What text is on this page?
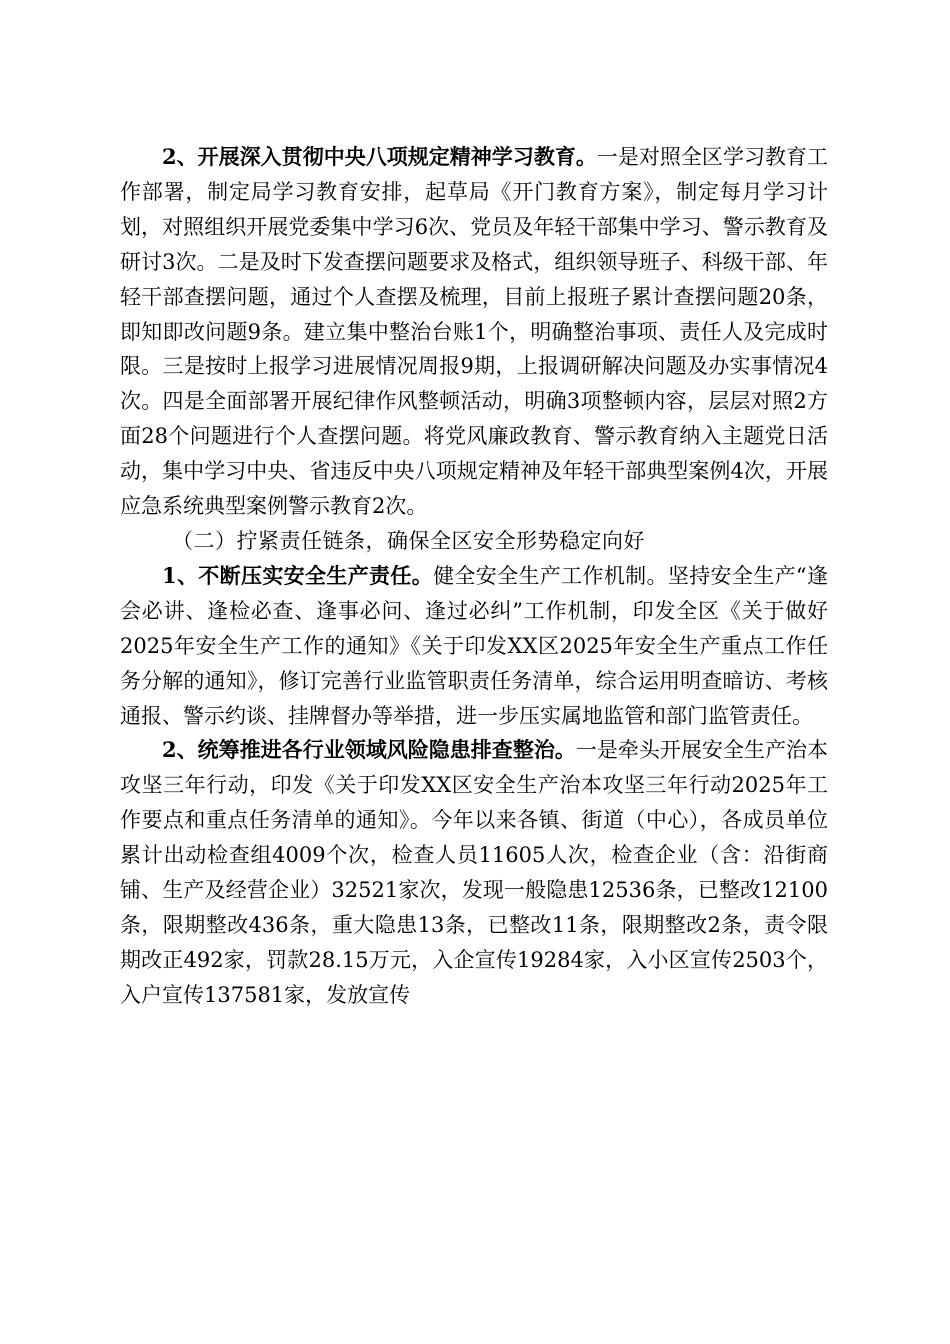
2、开展深入贯彻中央八项规定精神学习教育。一是对照全区学习教育工作部署，制定局学习教育安排，起草局《开门教育方案》，制定每月学习计划，对照组织开展党委集中学习6次、党员及年轻干部集中学习、警示教育及研讨3次。二是及时下发查摆问题要求及格式，组织领导班子、科级干部、年轻干部查摆问题，通过个人查摆及梳理，目前上报班子累计查摆问题20条，即知即改问题9条。建立集中整治台账1个，明确整治事项、责任人及完成时限。三是按时上报学习进展情况周报9期，上报调研解决问题及办实事情况4次。四是全面部署开展纪律作风整顿活动，明确3项整顿内容，层层对照2方面28个问题进行个人查摆问题。将党风廉政教育、警示教育纳入主题党日活动，集中学习中央、省违反中央八项规定精神及年轻干部典型案例4次，开展应急系统典型案例警示教育2次。

（二）拧紧责任链条，确保全区安全形势稳定向好

1、不断压实安全生产责任。健全安全生产工作机制。坚持安全生产“逢会必讲、逢检必查、逢事必问、逢过必纠”工作机制，印发全区《关于做好2025年安全生产工作的通知》《关于印发XX区2025年安全生产重点工作任务分解的通知》，修订完善行业监管职责任务清单，综合运用明查暗访、考核通报、警示约谈、挂牌督办等举措，进一步压实属地监管和部门监管责任。

2、统筹推进各行业领域风险隐患排查整治。一是牵头开展安全生产治本攻坚三年行动，印发《关于印发XX区安全生产治本攻坚三年行动2025年工作要点和重点任务清单的通知》。今年以来各镇、街道（中心），各成员单位累计出动检查组4009个次，检查人员11605人次，检查企业（含：沿街商铺、生产及经营企业）32521家次，发现一般隐患12536条，已整改12100条，限期整改436条，重大隐患13条，已整改11条，限期整改2条，责令限期改正492家，罚款28.15万元，入企宣传19284家，入小区宣传2503个，入户宣传137581家，发放宣传
